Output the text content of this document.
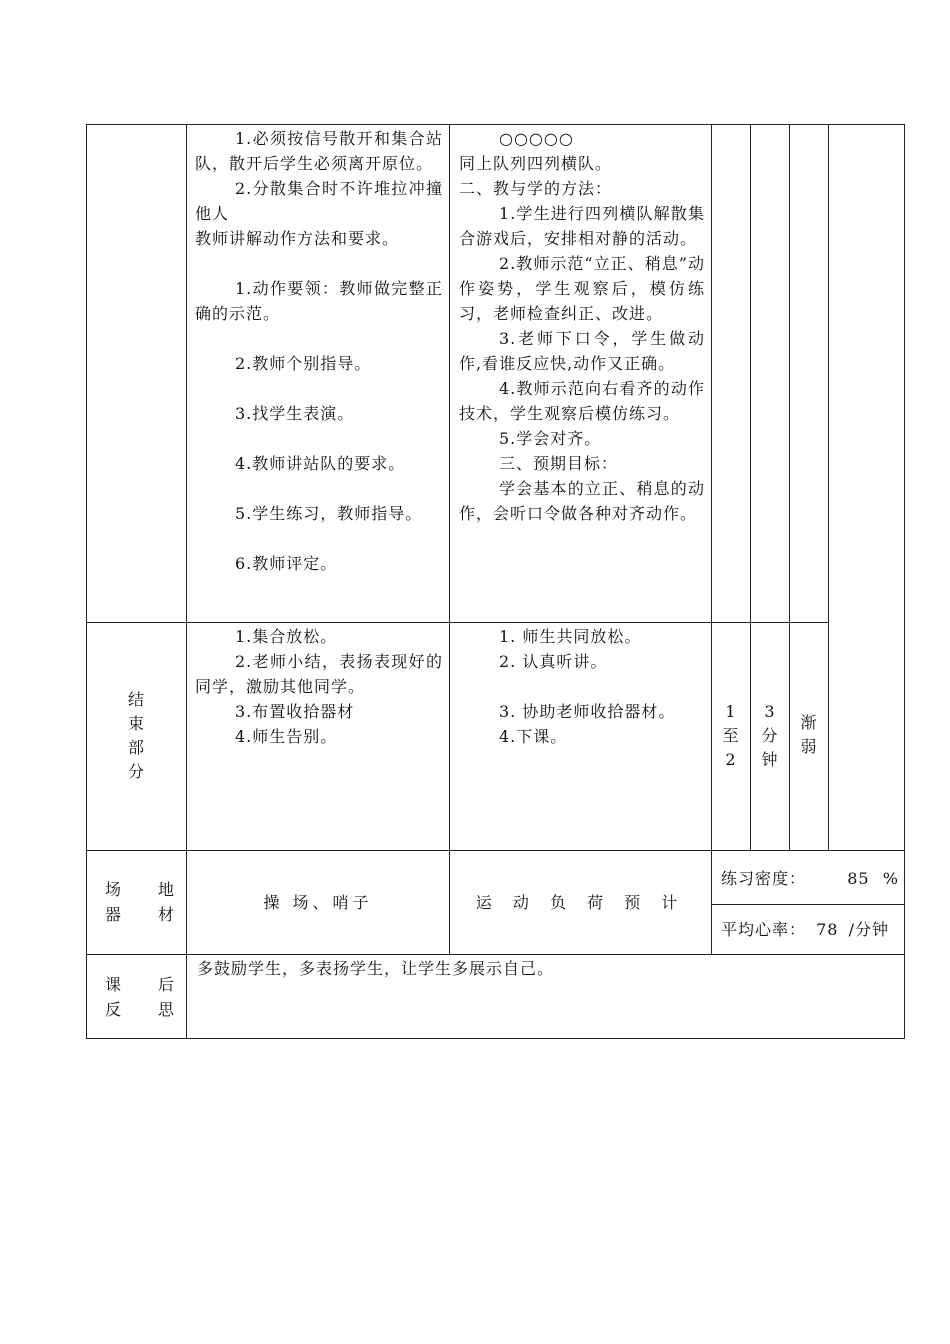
1.必须按信号散开和集合站队，散开后学生必须离开原位。

2.分散集合时不许堆拉冲撞他人

教师讲解动作方法和要求。

1.动作要领：教师做完整正确的示范。

2.教师个别指导。

3.找学生表演。

4.教师讲站队的要求。

5.学生练习，教师指导。

6.教师评定。

○○○○○

同上队列四列横队。

二、教与学的方法：

1.学生进行四列横队解散集合游戏后，安排相对静的活动。

2.教师示范“立正、稍息”动作姿势，学生观察后，模仿练习，老师检查纠正、改进。

3.老师下口令，学生做动作,看谁反应快,动作又正确。

4.教师示范向右看齐的动作技术，学生观察后模仿练习。

5.学会对齐。

三、预期目标：

学会基本的立正、稍息的动作，会听口令做各种对齐动作。

结
束
部
分

1.集合放松。

2.老师小结，表扬表现好的同学，激励其他同学。

3.布置收拾器材

4.师生告别。

1. 师生共同放松。

2. 认真听讲。

3. 协助老师收拾器材。

4.下课。

1
至
2
3
分
钟
渐
弱
场 地
器 材
操 场、哨子	运 动 负 荷 预 计
练习密度：	85 %
平均心率： 78 /分钟
课 后
反 思
多鼓励学生，多表扬学生，让学生多展示自己。
